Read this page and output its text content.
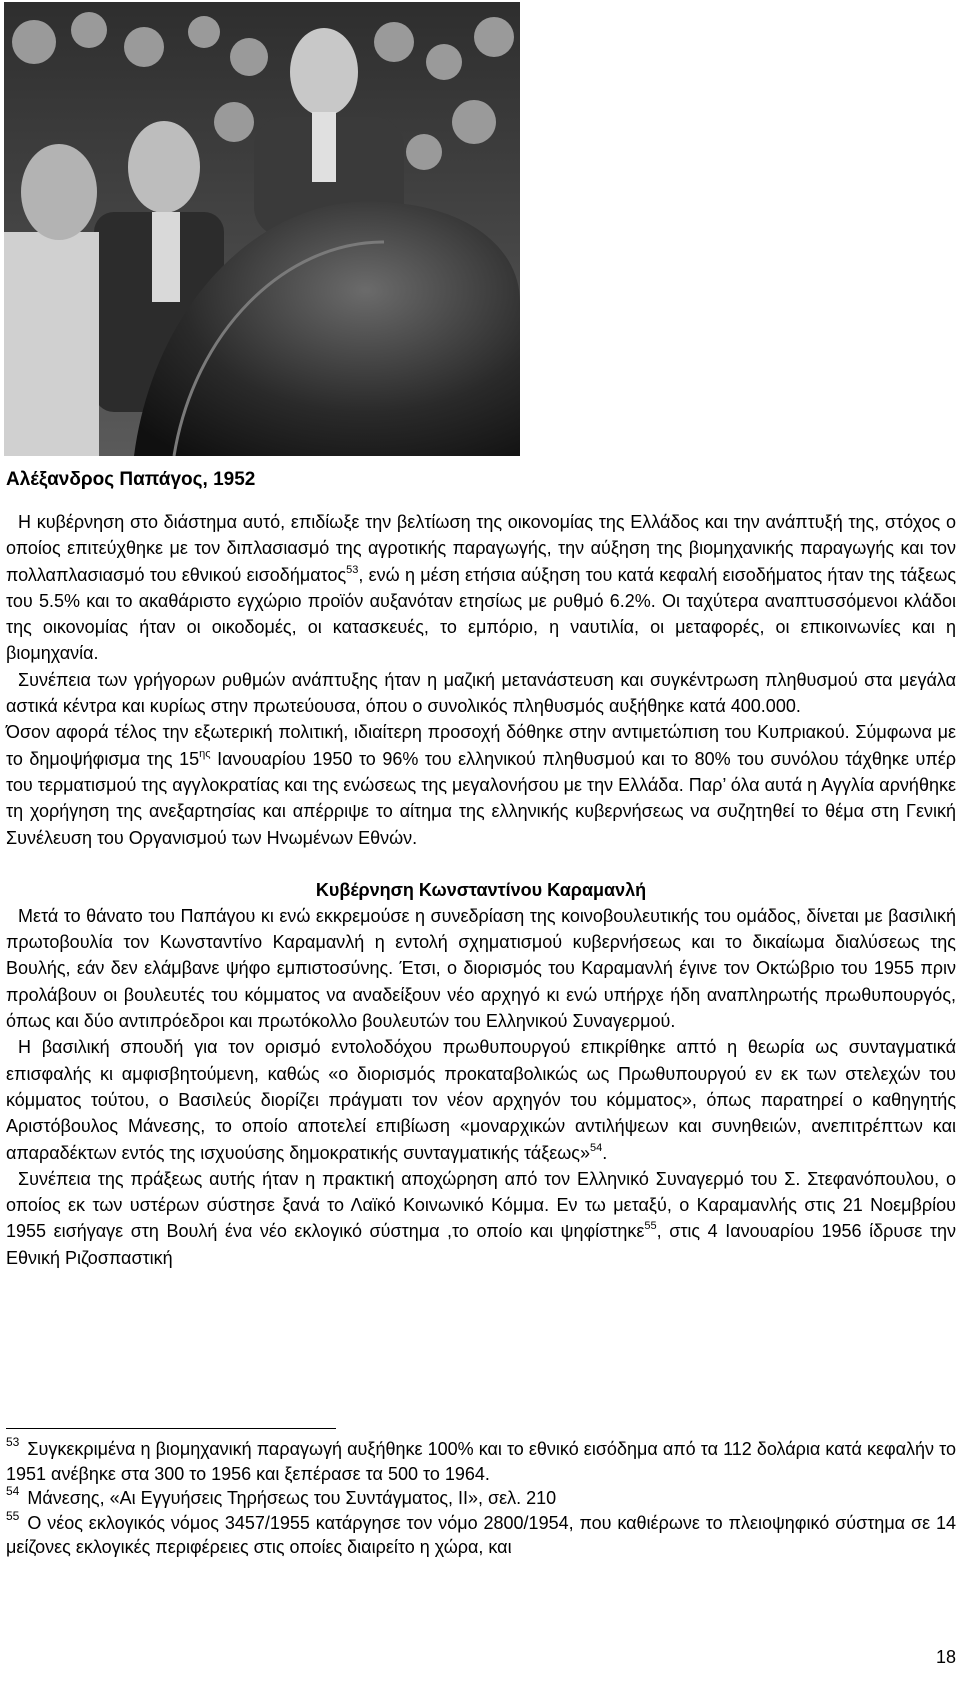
Αλέξανδρος Παπάγος, 1952

Η κυβέρνηση στο διάστημα αυτό, επιδίωξε την βελτίωση της οικονομίας της Ελλάδος και την ανάπτυξή της, στόχος ο οποίος επιτεύχθηκε με τον διπλασιασμό της αγροτικής παραγωγής, την αύξηση της βιομηχανικής παραγωγής και τον πολλαπλασιασμό του εθνικού εισοδήματος$^{53}$, ενώ η μέση ετήσια αύξηση του κατά κεφαλή εισοδήματος ήταν της τάξεως του 5.5% και το ακαθάριστο εγχώριο προϊόν αυξανόταν ετησίως με ρυθμό 6.2%. Οι ταχύτερα αναπτυσσόμενοι κλάδοι της οικονομίας ήταν οι οικοδομές, οι κατασκευές, το εμπόριο, η ναυτιλία, οι μεταφορές, οι επικοινωνίες και η βιομηχανία.

Συνέπεια των γρήγορων ρυθμών ανάπτυξης ήταν η μαζική μετανάστευση και συγκέντρωση πληθυσμού στα μεγάλα αστικά κέντρα και κυρίως στην πρωτεύουσα, όπου ο συνολικός πληθυσμός αυξήθηκε κατά 400.000.

Όσον αφορά τέλος την εξωτερική πολιτική, ιδιαίτερη προσοχή δόθηκε στην αντιμετώπιση του Κυπριακού. Σύμφωνα με το δημοψήφισμα της $15^{\eta\varsigma}$ Ιανουαρίου 1950 το 96% του ελληνικού πληθυσμού και το 80% του συνόλου τάχθηκε υπέρ του τερματισμού της αγγλοκρατίας και της ενώσεως της μεγαλονήσου με την Ελλάδα. Παρ’ όλα αυτά η Αγγλία αρνήθηκε τη χορήγηση της ανεξαρτησίας και απέρριψε το αίτημα της ελληνικής κυβερνήσεως να συζητηθεί το θέμα στη Γενική Συνέλευση του Οργανισμού των Ηνωμένων Εθνών.

Κυβέρνηση Κωνσταντίνου Καραμανλή

Μετά το θάνατο του Παπάγου κι ενώ εκκρεμούσε η συνεδρίαση της κοινοβουλευτικής του ομάδος, δίνεται με βασιλική πρωτοβουλία τον Κωνσταντίνο Καραμανλή η εντολή σχηματισμού κυβερνήσεως και το δικαίωμα διαλύσεως της Βουλής, εάν δεν ελάμβανε ψήφο εμπιστοσύνης. Έτσι, ο διορισμός του Καραμανλή έγινε τον Οκτώβριο του 1955 πριν προλάβουν οι βουλευτές του κόμματος να αναδείξουν νέο αρχηγό κι ενώ υπήρχε ήδη αναπληρωτής πρωθυπουργός, όπως και δύο αντιπρόεδροι και πρωτόκολλο βουλευτών του Ελληνικού Συναγερμού.

Η βασιλική σπουδή για τον ορισμό εντολοδόχου πρωθυπουργού επικρίθηκε απτό η θεωρία ως συνταγματικά επισφαλής κι αμφισβητούμενη, καθώς «ο διορισμός προκαταβολικώς ως Πρωθυπουργού εν εκ των στελεχών του κόμματος τούτου, ο Βασιλεύς διορίζει πράγματι τον νέον αρχηγόν του κόμματος», όπως παρατηρεί ο καθηγητής Αριστόβουλος Μάνεσης, το οποίο αποτελεί επιβίωση «μοναρχικών αντιλήψεων και συνηθειών, ανεπιτρέπτων και απαραδέκτων εντός της ισχυούσης δημοκρατικής συνταγματικής τάξεως»$^{54}$.

Συνέπεια της πράξεως αυτής ήταν η πρακτική αποχώρηση από τον Ελληνικό Συναγερμό του Σ. Στεφανόπουλου, ο οποίος εκ των υστέρων σύστησε ξανά το Λαϊκό Κοινωνικό Κόμμα. Εν τω μεταξύ, ο Καραμανλής στις 21 Νοεμβρίου 1955 εισήγαγε στη Βουλή ένα νέο εκλογικό σύστημα ,το οποίο και ψηφίστηκε$^{55}$, στις 4 Ιανουαρίου 1956 ίδρυσε την Εθνική Ριζοσπαστική

$^{53}$ Συγκεκριμένα η βιομηχανική παραγωγή αυξήθηκε 100% και το εθνικό εισόδημα από τα 112 δολάρια κατά κεφαλήν το 1951 ανέβηκε στα 300 το 1956 και ξεπέρασε τα 500 το 1964.

$^{54}$ Μάνεσης, «Αι Εγγυήσεις Τηρήσεως του Συντάγματος, ΙΙ», σελ. 210

$^{55}$ Ο νέος εκλογικός νόμος 3457/1955 κατάργησε τον νόμο 2800/1954, που καθιέρωνε το πλειοψηφικό σύστημα σε 14 μείζονες εκλογικές περιφέρειες στις οποίες διαιρείτο η χώρα, και

18
